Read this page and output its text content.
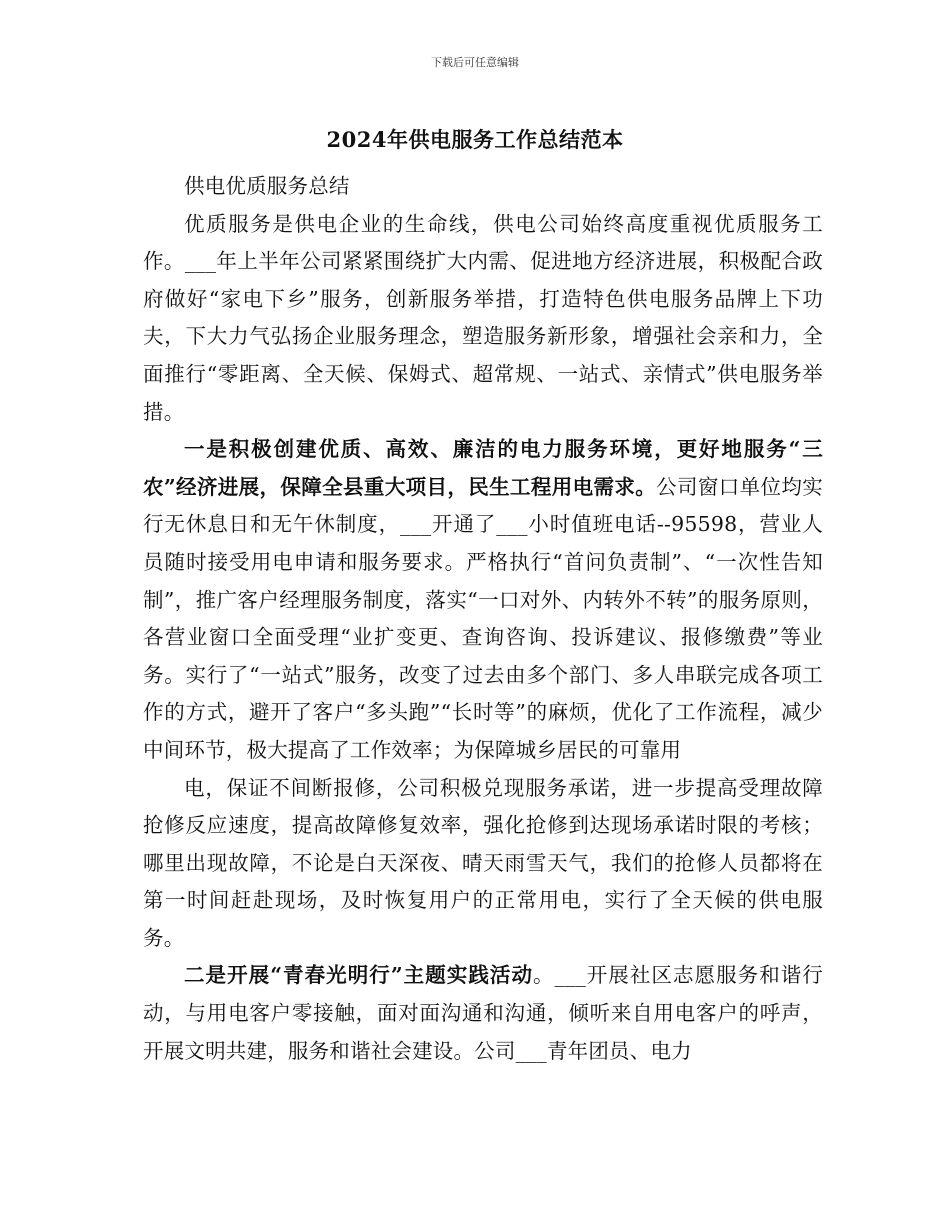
下载后可任意编辑
2024年供电服务工作总结范本

供电优质服务总结

优质服务是供电企业的生命线，供电公司始终高度重视优质服务工作。___年上半年公司紧紧围绕扩大内需、促进地方经济进展，积极配合政府做好“家电下乡”服务，创新服务举措，打造特色供电服务品牌上下功夫，下大力气弘扬企业服务理念，塑造服务新形象，增强社会亲和力，全面推行“零距离、全天候、保姆式、超常规、一站式、亲情式”供电服务举措。

一是积极创建优质、高效、廉洁的电力服务环境，更好地服务“三农”经济进展，保障全县重大项目，民生工程用电需求。公司窗口单位均实行无休息日和无午休制度，___开通了___小时值班电话--95598，营业人员随时接受用电申请和服务要求。严格执行“首问负责制”、“一次性告知制”，推广客户经理服务制度，落实“一口对外、内转外不转”的服务原则，各营业窗口全面受理“业扩变更、查询咨询、投诉建议、报修缴费”等业务。实行了“一站式”服务，改变了过去由多个部门、多人串联完成各项工作的方式，避开了客户“多头跑”“长时等”的麻烦，优化了工作流程，减少中间环节，极大提高了工作效率；为保障城乡居民的可靠用

电，保证不间断报修，公司积极兑现服务承诺，进一步提高受理故障抢修反应速度，提高故障修复效率，强化抢修到达现场承诺时限的考核；哪里出现故障，不论是白天深夜、晴天雨雪天气，我们的抢修人员都将在第一时间赶赴现场，及时恢复用户的正常用电，实行了全天候的供电服务。

二是开展“青春光明行”主题实践活动。___开展社区志愿服务和谐行动，与用电客户零接触，面对面沟通和沟通，倾听来自用电客户的呼声，开展文明共建，服务和谐社会建设。公司___青年团员、电力
